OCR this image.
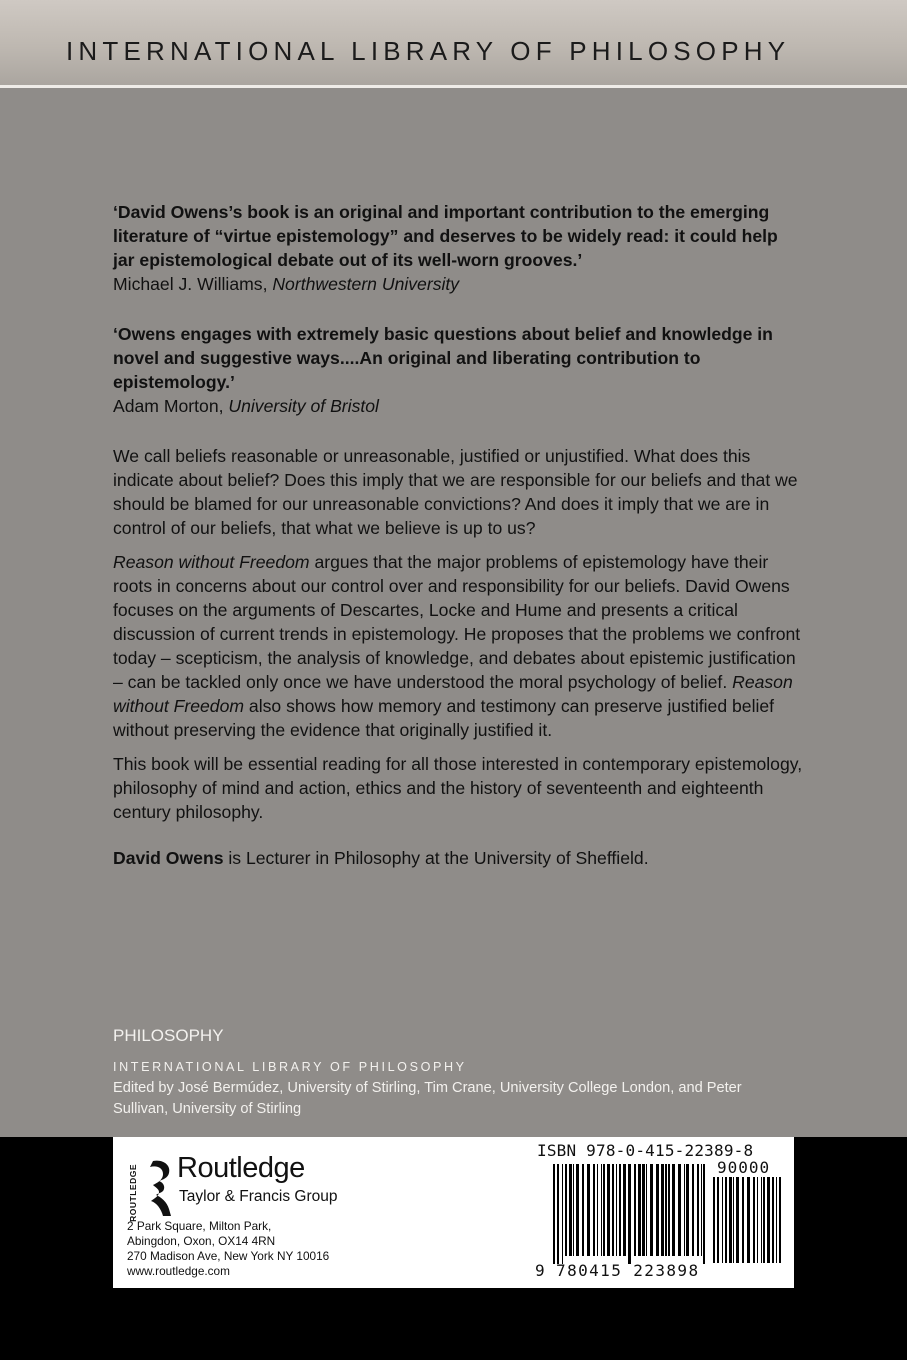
INTERNATIONAL LIBRARY OF PHILOSOPHY

‘David Owens’s book is an original and important contribution to the emerging literature of “virtue epistemology” and deserves to be widely read: it could help jar epistemological debate out of its well-worn grooves.’

Michael J. Williams, Northwestern University

‘Owens engages with extremely basic questions about belief and knowledge in novel and suggestive ways....An original and liberating contribution to epistemology.’

Adam Morton, University of Bristol

We call beliefs reasonable or unreasonable, justified or unjustified. What does this indicate about belief? Does this imply that we are responsible for our beliefs and that we should be blamed for our unreasonable convictions? And does it imply that we are in control of our beliefs, that what we believe is up to us?

Reason without Freedom argues that the major problems of epistemology have their roots in concerns about our control over and responsibility for our beliefs. David Owens focuses on the arguments of Descartes, Locke and Hume and presents a critical discussion of current trends in epistemology. He proposes that the problems we confront today – scepticism, the analysis of knowledge, and debates about epistemic justification – can be tackled only once we have understood the moral psychology of belief. Reason without Freedom also shows how memory and testimony can preserve justified belief without preserving the evidence that originally justified it.

This book will be essential reading for all those interested in contemporary epistemology, philosophy of mind and action, ethics and the history of seventeenth and eighteenth century philosophy.

David Owens is Lecturer in Philosophy at the University of Sheffield.

PHILOSOPHY

INTERNATIONAL LIBRARY OF PHILOSOPHY

Edited by José Bermúdez, University of Stirling, Tim Crane, University College London, and Peter Sullivan, University of Stirling

ROUTLEDGE Routledge

Taylor & Francis Group

2 Park Square, Milton Park,
Abingdon, Oxon, OX14 4RN
270 Madison Ave, New York NY 10016
www.routledge.com

ISBN 978-0-415-22389-8

90000

9 780415 223898
